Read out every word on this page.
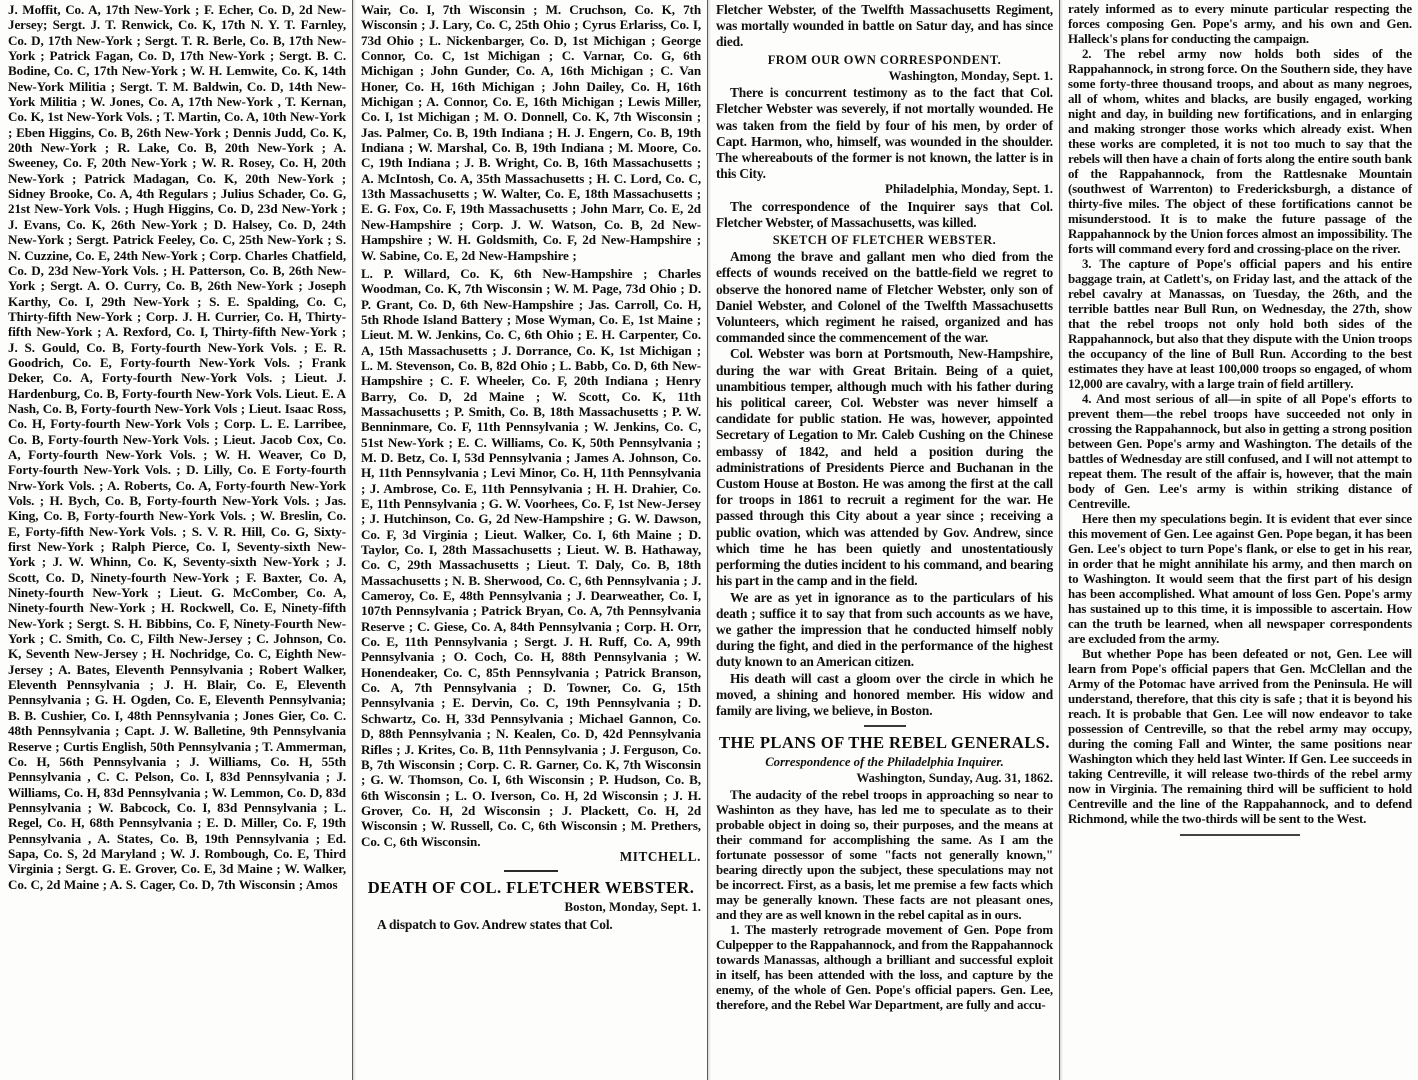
J. Moffit, Co. A, 17th New-York ; F. Echer, Co. D, 2d New-Jersey; Sergt. J. T. Renwick, Co. K, 17th N. Y. T. Farnley, Co. D, 17th New-York ; Sergt. T. R. Berle, Co. B, 17th New-York ; Patrick Fagan, Co. D, 17th New-York ; Sergt. B. C. Bodine, Co. C, 17th New-York ; W. H. Lemwite, Co. K, 14th New-York Militia ; Sergt. T. M. Baldwin, Co. D, 14th New-York Militia ; W. Jones, Co. A, 17th New-York , T. Kernan, Co. K, 1st New-York Vols. ; T. Martin, Co. A, 10th New-York ; Eben Higgins, Co. B, 26th New-York ; Dennis Judd, Co. K, 20th New-York ; R. Lake, Co. B, 20th New-York ; A. Sweeney, Co. F, 20th New-York ; W. R. Rosey, Co. H, 20th New-York ; Patrick Madagan, Co. K, 20th New-York ; Sidney Brooke, Co. A, 4th Regulars ; Julius Schader, Co. G, 21st New-York Vols. ; Hugh Higgins, Co. D, 23d New-York ; J. Evans, Co. K, 26th New-York ; D. Halsey, Co. D, 24th New-York ; Sergt. Patrick Feeley, Co. C, 25th New-York ; S. N. Cuzzine, Co. E, 24th New-York ; Corp. Charles Chatfield, Co. D, 23d New-York Vols. ; H. Patterson, Co. B, 26th New-York ; Sergt. A. O. Curry, Co. B, 26th New-York ; Joseph Karthy, Co. I, 29th New-York ; S. E. Spalding, Co. C, Thirty-fifth New-York ; Corp. J. H. Currier, Co. H, Thirty-fifth New-York ; A. Rexford, Co. I, Thirty-fifth New-York ; J. S. Gould, Co. B, Forty-fourth New-York Vols. ; E. R. Goodrich, Co. E, Forty-fourth New-York Vols. ; Frank Deker, Co. A, Forty-fourth New-York Vols. ; Lieut. J. Hardenburg, Co. B, Forty-fourth New-York Vols. Lieut. E. A Nash, Co. B, Forty-fourth New-York Vols ; Lieut. Isaac Ross, Co. H, Forty-fourth New-York Vols ; Corp. L. E. Larribee, Co. B, Forty-fourth New-York Vols. ; Lieut. Jacob Cox, Co. A, Forty-fourth New-York Vols. ; W. H. Weaver, Co D, Forty-fourth New-York Vols. ; D. Lilly, Co. E Forty-fourth Nrw-York Vols. ; A. Roberts, Co. A, Forty-fourth New-York Vols. ; H. Bych, Co. B, Forty-fourth New-York Vols. ; Jas. King, Co. B, Forty-fourth New-York Vols. ; W. Breslin, Co. E, Forty-fifth New-York Vols. ; S. V. R. Hill, Co. G, Sixty-first New-York ; Ralph Pierce, Co. I, Seventy-sixth New-York ; J. W. Whinn, Co. K, Seventy-sixth New-York ; J. Scott, Co. D, Ninety-fourth New-York ; F. Baxter, Co. A, Ninety-fourth New-York ; Lieut. G. McComber, Co. A, Ninety-fourth New-York ; H. Rockwell, Co. E, Ninety-fifth New-York ; Sergt. S. H. Bibbins, Co. F, Ninety-Fourth New-York ; C. Smith, Co. C, Filth New-Jersey ; C. Johnson, Co. K, Seventh New-Jersey ; H. Nochridge, Co. C, Eighth New-Jersey ; A. Bates, Eleventh Pennsylvania ; Robert Walker, Eleventh Pennsylvania ; J. H. Blair, Co. E, Eleventh Pennsylvania ; G. H. Ogden, Co. E, Eleventh Pennsylvania; B. B. Cushier, Co. I, 48th Pennsylvania ; Jones Gier, Co. C. 48th Pennsylvania ; Capt. J. W. Balletine, 9th Pennsylvania Reserve ; Curtis English, 50th Pennsylvania ; T. Ammerman, Co. H, 56th Pennsylvania ; J. Williams, Co. H, 55th Pennsylvania , C. C. Pelson, Co. I, 83d Pennsylvania ; J. Williams, Co. H, 83d Pennsylvania ; W. Lemmon, Co. D, 83d Pennsylvania ; W. Babcock, Co. I, 83d Pennsylvania ; L. Regel, Co. H, 68th Pennsylvania ; E. D. Miller, Co. F, 19th Pennsylvania , A. States, Co. B, 19th Pennsylvania ; Ed. Sapa, Co. S, 2d Maryland ; W. J. Rombough, Co. E, Third Virginia ; Sergt. G. E. Grover, Co. E, 3d Maine ; W. Walker, Co. C, 2d Maine ; A. S. Cager, Co. D, 7th Wisconsin ; Amos

Wair, Co. I, 7th Wisconsin ; M. Cruchson, Co. K, 7th Wisconsin ; J. Lary, Co. C, 25th Ohio ; Cyrus Erlariss, Co. I, 73d Ohio ; L. Nickenbarger, Co. D, 1st Michigan ; George Connor, Co. C, 1st Michigan ; C. Varnar, Co. G, 6th Michigan ; John Gunder, Co. A, 16th Michigan ; C. Van Honer, Co. H, 16th Michigan ; John Dailey, Co. H, 16th Michigan ; A. Connor, Co. E, 16th Michigan ; Lewis Miller, Co. I, 1st Michigan ; M. O. Donnell, Co. K, 7th Wisconsin ; Jas. Palmer, Co. B, 19th Indiana ; H. J. Engern, Co. B, 19th Indiana ; W. Marshal, Co. B, 19th Indiana ; M. Moore, Co. C, 19th Indiana ; J. B. Wright, Co. B, 16th Massachusetts ; A. McIntosh, Co. A, 35th Massachusetts ; H. C. Lord, Co. C, 13th Massachusetts ; W. Walter, Co. E, 18th Massachusetts ; E. G. Fox, Co. F, 19th Massachusetts ; John Marr, Co. E, 2d New-Hampshire ; Corp. J. W. Watson, Co. B, 2d New-Hampshire ; W. H. Goldsmith, Co. F, 2d New-Hampshire ; W. Sabine, Co. E, 2d New-Hampshire ;

L. P. Willard, Co. K, 6th New-Hampshire ; Charles Woodman, Co. K, 7th Wisconsin ; W. M. Page, 73d Ohio ; D. P. Grant, Co. D, 6th New-Hampshire ; Jas. Carroll, Co. H, 5th Rhode Island Battery ; Mose Wyman, Co. E, 1st Maine ; Lieut. M. W. Jenkins, Co. C, 6th Ohio ; E. H. Carpenter, Co. A, 15th Massachusetts ; J. Dorrance, Co. K, 1st Michigan ; L. M. Stevenson, Co. B, 82d Ohio ; L. Babb, Co. D, 6th New-Hampshire ; C. F. Wheeler, Co. F, 20th Indiana ; Henry Barry, Co. D, 2d Maine ; W. Scott, Co. K, 11th Massachusetts ; P. Smith, Co. B, 18th Massachusetts ; P. W. Benninmare, Co. F, 11th Pennsylvania ; W. Jenkins, Co. C, 51st New-York ; E. C. Williams, Co. K, 50th Pennsylvania ; M. D. Betz, Co. I, 53d Pennsylvania ; James A. Johnson, Co. H, 11th Pennsylvania ; Levi Minor, Co. H, 11th Pennsylvania ; J. Ambrose, Co. E, 11th Pennsylvania ; H. H. Drahier, Co. E, 11th Pennsylvania ; G. W. Voorhees, Co. F, 1st New-Jersey ; J. Hutchinson, Co. G, 2d New-Hampshire ; G. W. Dawson, Co. F, 3d Virginia ; Lieut. Walker, Co. I, 6th Maine ; D. Taylor, Co. I, 28th Massachusetts ; Lieut. W. B. Hathaway, Co. C, 29th Massachusetts ; Lieut. T. Daly, Co. B, 18th Massachusetts ; N. B. Sherwood, Co. C, 6th Pennsylvania ; J. Cameroy, Co. E, 48th Pennsylvania ; J. Dearweather, Co. I, 107th Pennsylvania ; Patrick Bryan, Co. A, 7th Pennsylvania Reserve ; C. Giese, Co. A, 84th Pennsylvania ; Corp. H. Orr, Co. E, 11th Pennsylvania ; Sergt. J. H. Ruff, Co. A, 99th Pennsylvania ; O. Coch, Co. H, 88th Pennsylvania ; W. Honendeaker, Co. C, 85th Pennsylvania ; Patrick Branson, Co. A, 7th Pennsylvania ; D. Towner, Co. G, 15th Pennsylvania ; E. Dervin, Co. C, 19th Pennsylvania ; D. Schwartz, Co. H, 33d Pennsylvania ; Michael Gannon, Co. D, 88th Pennsylvania ; N. Kealen, Co. D, 42d Pennsylvania Rifles ; J. Krites, Co. B, 11th Pennsylvania ; J. Ferguson, Co. B, 7th Wisconsin ; Corp. C. R. Garner, Co. K, 7th Wisconsin ; G. W. Thomson, Co. I, 6th Wisconsin ; P. Hudson, Co. B, 6th Wisconsin ; L. O. Iverson, Co. H, 2d Wisconsin ; J. H. Grover, Co. H, 2d Wisconsin ; J. Plackett, Co. H, 2d Wisconsin ; W. Russell, Co. C, 6th Wisconsin ; M. Prethers, Co. C, 6th Wisconsin.

MITCHELL.
DEATH OF COL. FLETCHER WEBSTER.
Boston, Monday, Sept. 1.

A dispatch to Gov. Andrew states that Col.

Fletcher Webster, of the Twelfth Massachusetts Regiment, was mortally wounded in battle on Satur day, and has since died.

FROM OUR OWN CORRESPONDENT.
Washington, Monday, Sept. 1.

There is concurrent testimony as to the fact that Col. Fletcher Webster was severely, if not mortally wounded. He was taken from the field by four of his men, by order of Capt. Harmon, who, himself, was wounded in the shoulder. The whereabouts of the former is not known, the latter is in this City.

Philadelphia, Monday, Sept. 1.

The correspondence of the Inquirer says that Col. Fletcher Webster, of Massachusetts, was killed.

SKETCH OF FLETCHER WEBSTER.

Among the brave and gallant men who died from the effects of wounds received on the battle-field we regret to observe the honored name of Fletcher Webster, only son of Daniel Webster, and Colonel of the Twelfth Massachusetts Volunteers, which regiment he raised, organized and has commanded since the commencement of the war.

Col. Webster was born at Portsmouth, New-Hampshire, during the war with Great Britain. Being of a quiet, unambitious temper, although much with his father during his political career, Col. Webster was never himself a candidate for public station. He was, however, appointed Secretary of Legation to Mr. Caleb Cushing on the Chinese embassy of 1842, and held a position during the administrations of Presidents Pierce and Buchanan in the Custom House at Boston. He was among the first at the call for troops in 1861 to recruit a regiment for the war. He passed through this City about a year since ; receiving a public ovation, which was attended by Gov. Andrew, since which time he has been quietly and unostentatiously performing the duties incident to his command, and bearing his part in the camp and in the field.

We are as yet in ignorance as to the particulars of his death ; suffice it to say that from such accounts as we have, we gather the impression that he conducted himself nobly during the fight, and died in the performance of the highest duty known to an American citizen.

His death will cast a gloom over the circle in which he moved, a shining and honored member. His widow and family are living, we believe, in Boston.

THE PLANS OF THE REBEL GENERALS.
Correspondence of the Philadelphia Inquirer.
Washington, Sunday, Aug. 31, 1862.

The audacity of the rebel troops in approaching so near to Washinton as they have, has led me to speculate as to their probable object in doing so, their purposes, and the means at their command for accomplishing the same. As I am the fortunate possessor of some "facts not generally known," bearing directly upon the subject, these speculations may not be incorrect. First, as a basis, let me premise a few facts which may be generally known. These facts are not pleasant ones, and they are as well known in the rebel capital as in ours.

1. The masterly retrograde movement of Gen. Pope from Culpepper to the Rappahannock, and from the Rappahannock towards Manassas, although a brilliant and successful exploit in itself, has been attended with the loss, and capture by the enemy, of the whole of Gen. Pope's official papers. Gen. Lee, therefore, and the Rebel War Department, are fully and accu-

rately informed as to every minute particular respecting the forces composing Gen. Pope's army, and his own and Gen. Halleck's plans for conducting the campaign.

2. The rebel army now holds both sides of the Rappahannock, in strong force. On the Southern side, they have some forty-three thousand troops, and about as many negroes, all of whom, whites and blacks, are busily engaged, working night and day, in building new fortifications, and in enlarging and making stronger those works which already exist. When these works are completed, it is not too much to say that the rebels will then have a chain of forts along the entire south bank of the Rappahannock, from the Rattlesnake Mountain (southwest of Warrenton) to Fredericksburgh, a distance of thirty-five miles. The object of these fortifications cannot be misunderstood. It is to make the future passage of the Rappahannock by the Union forces almost an impossibility. The forts will command every ford and crossing-place on the river.

3. The capture of Pope's official papers and his entire baggage train, at Catlett's, on Friday last, and the attack of the rebel cavalry at Manassas, on Tuesday, the 26th, and the terrible battles near Bull Run, on Wednesday, the 27th, show that the rebel troops not only hold both sides of the Rappahannock, but also that they dispute with the Union troops the occupancy of the line of Bull Run. According to the best estimates they have at least 100,000 troops so engaged, of whom 12,000 are cavalry, with a large train of field artillery.

4. And most serious of all—in spite of all Pope's efforts to prevent them—the rebel troops have succeeded not only in crossing the Rappahannock, but also in getting a strong position between Gen. Pope's army and Washington. The details of the battles of Wednesday are still confused, and I will not attempt to repeat them. The result of the affair is, however, that the main body of Gen. Lee's army is within striking distance of Centreville.

Here then my speculations begin. It is evident that ever since this movement of Gen. Lee against Gen. Pope began, it has been Gen. Lee's object to turn Pope's flank, or else to get in his rear, in order that he might annihilate his army, and then march on to Washington. It would seem that the first part of his design has been accomplished. What amount of loss Gen. Pope's army has sustained up to this time, it is impossible to ascertain. How can the truth be learned, when all newspaper correspondents are excluded from the army.

But whether Pope has been defeated or not, Gen. Lee will learn from Pope's official papers that Gen. McClellan and the Army of the Potomac have arrived from the Peninsula. He will understand, therefore, that this city is safe ; that it is beyond his reach. It is probable that Gen. Lee will now endeavor to take possession of Centreville, so that the rebel army may occupy, during the coming Fall and Winter, the same positions near Washington which they held last Winter. If Gen. Lee succeeds in taking Centreville, it will release two-thirds of the rebel army now in Virginia. The remaining third will be sufficient to hold Centreville and the line of the Rappahannock, and to defend Richmond, while the two-thirds will be sent to the West.
